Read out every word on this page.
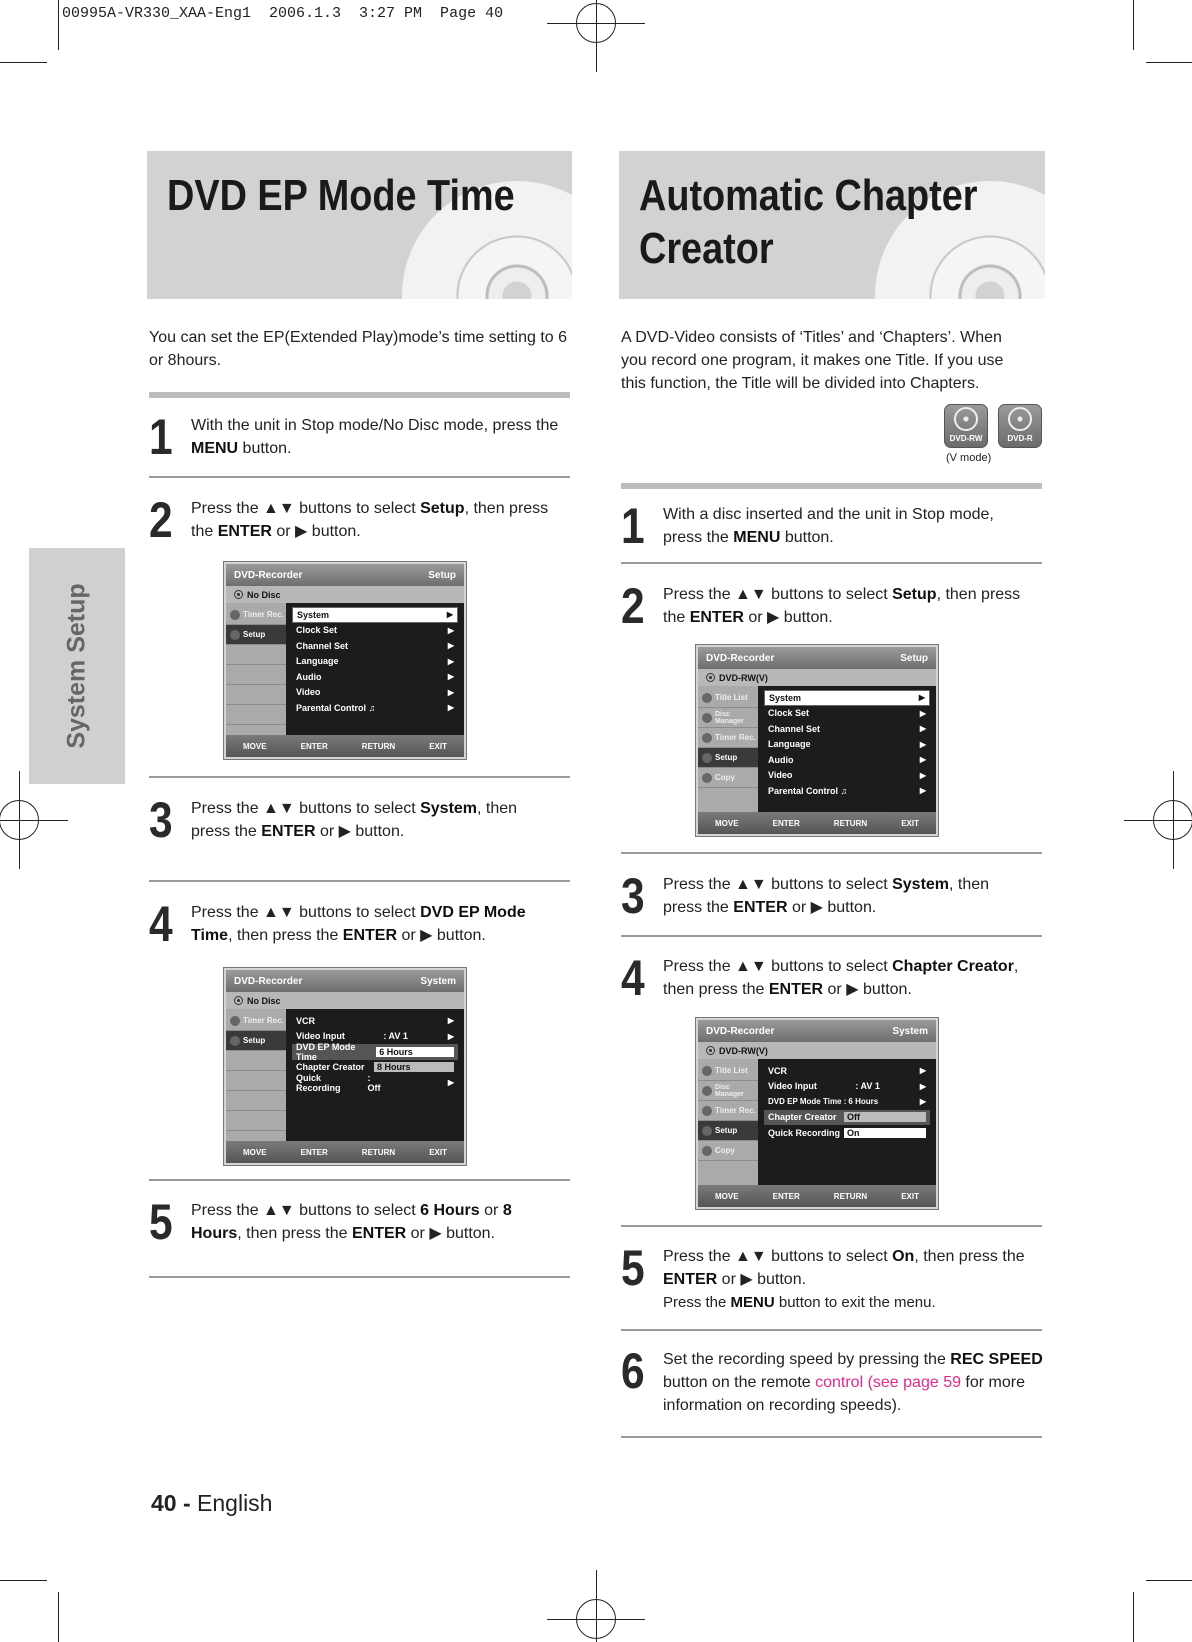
00995A-VR330_XAA-Eng1  2006.1.3  3:27 PM  Page 40
System Setup
DVD EP Mode Time
You can set the EP(Extended Play)mode’s time setting to 6 or 8hours.
1 With the unit in Stop mode/No Disc mode, press the MENU button.
2 Press the ▲▼ buttons to select Setup, then press the ENTER or ▶ button.
DVD-Recorder	Setup
No Disc
Timer Rec.
Setup
System	▶
Clock Set	▶
Channel Set	▶
Language	▶
Audio	▶
Video	▶
Parental Control ♫	▶
MOVE	ENTER	RETURN	EXIT
3 Press the ▲▼ buttons to select System, then press the ENTER or ▶ button.
4 Press the ▲▼ buttons to select DVD EP Mode Time, then press the ENTER or ▶ button.
DVD-Recorder	System
No Disc
Timer Rec.
Setup
VCR	▶
Video Input	: AV 1	▶
DVD EP Mode Time	6 Hours
Chapter Creator	8 Hours
Quick Recording
: Off	▶
MOVE	ENTER	RETURN	EXIT
5 Press the ▲▼ buttons to select 6 Hours or 8 Hours, then press the ENTER or ▶ button.
Automatic Chapter
Creator
A DVD-Video consists of ‘Titles’ and ‘Chapters’. When you record one program, it makes one Title. If you use this function, the Title will be divided into Chapters.
DVD-RW	DVD-R
(V mode)
1 With a disc inserted and the unit in Stop mode, press the MENU button.
2 Press the ▲▼ buttons to select Setup, then press the ENTER or ▶ button.
DVD-Recorder	Setup
DVD-RW(V)
Title List
Disc Manager
Timer Rec.
Setup
Copy
System	▶
Clock Set	▶
Channel Set	▶
Language	▶
Audio	▶
Video	▶
Parental Control ♫	▶
MOVE	ENTER	RETURN	EXIT
3 Press the ▲▼ buttons to select System, then press the ENTER or ▶ button.
4 Press the ▲▼ buttons to select Chapter Creator, then press the ENTER or ▶ button.
DVD-Recorder	System
DVD-RW(V)
Title List
Disc Manager
Timer Rec.
Setup
Copy
VCR	▶
Video Input	: AV 1	▶
DVD EP Mode Time : 6 Hours	▶
Chapter Creator	Off
Quick Recording On
MOVE	ENTER	RETURN	EXIT
5 Press the ▲▼ buttons to select On, then press the ENTER or ▶ button.
Press the MENU button to exit the menu.
6 Set the recording speed by pressing the REC SPEED button on the remote control (see page 59 for more information on recording speeds).
40 - English
